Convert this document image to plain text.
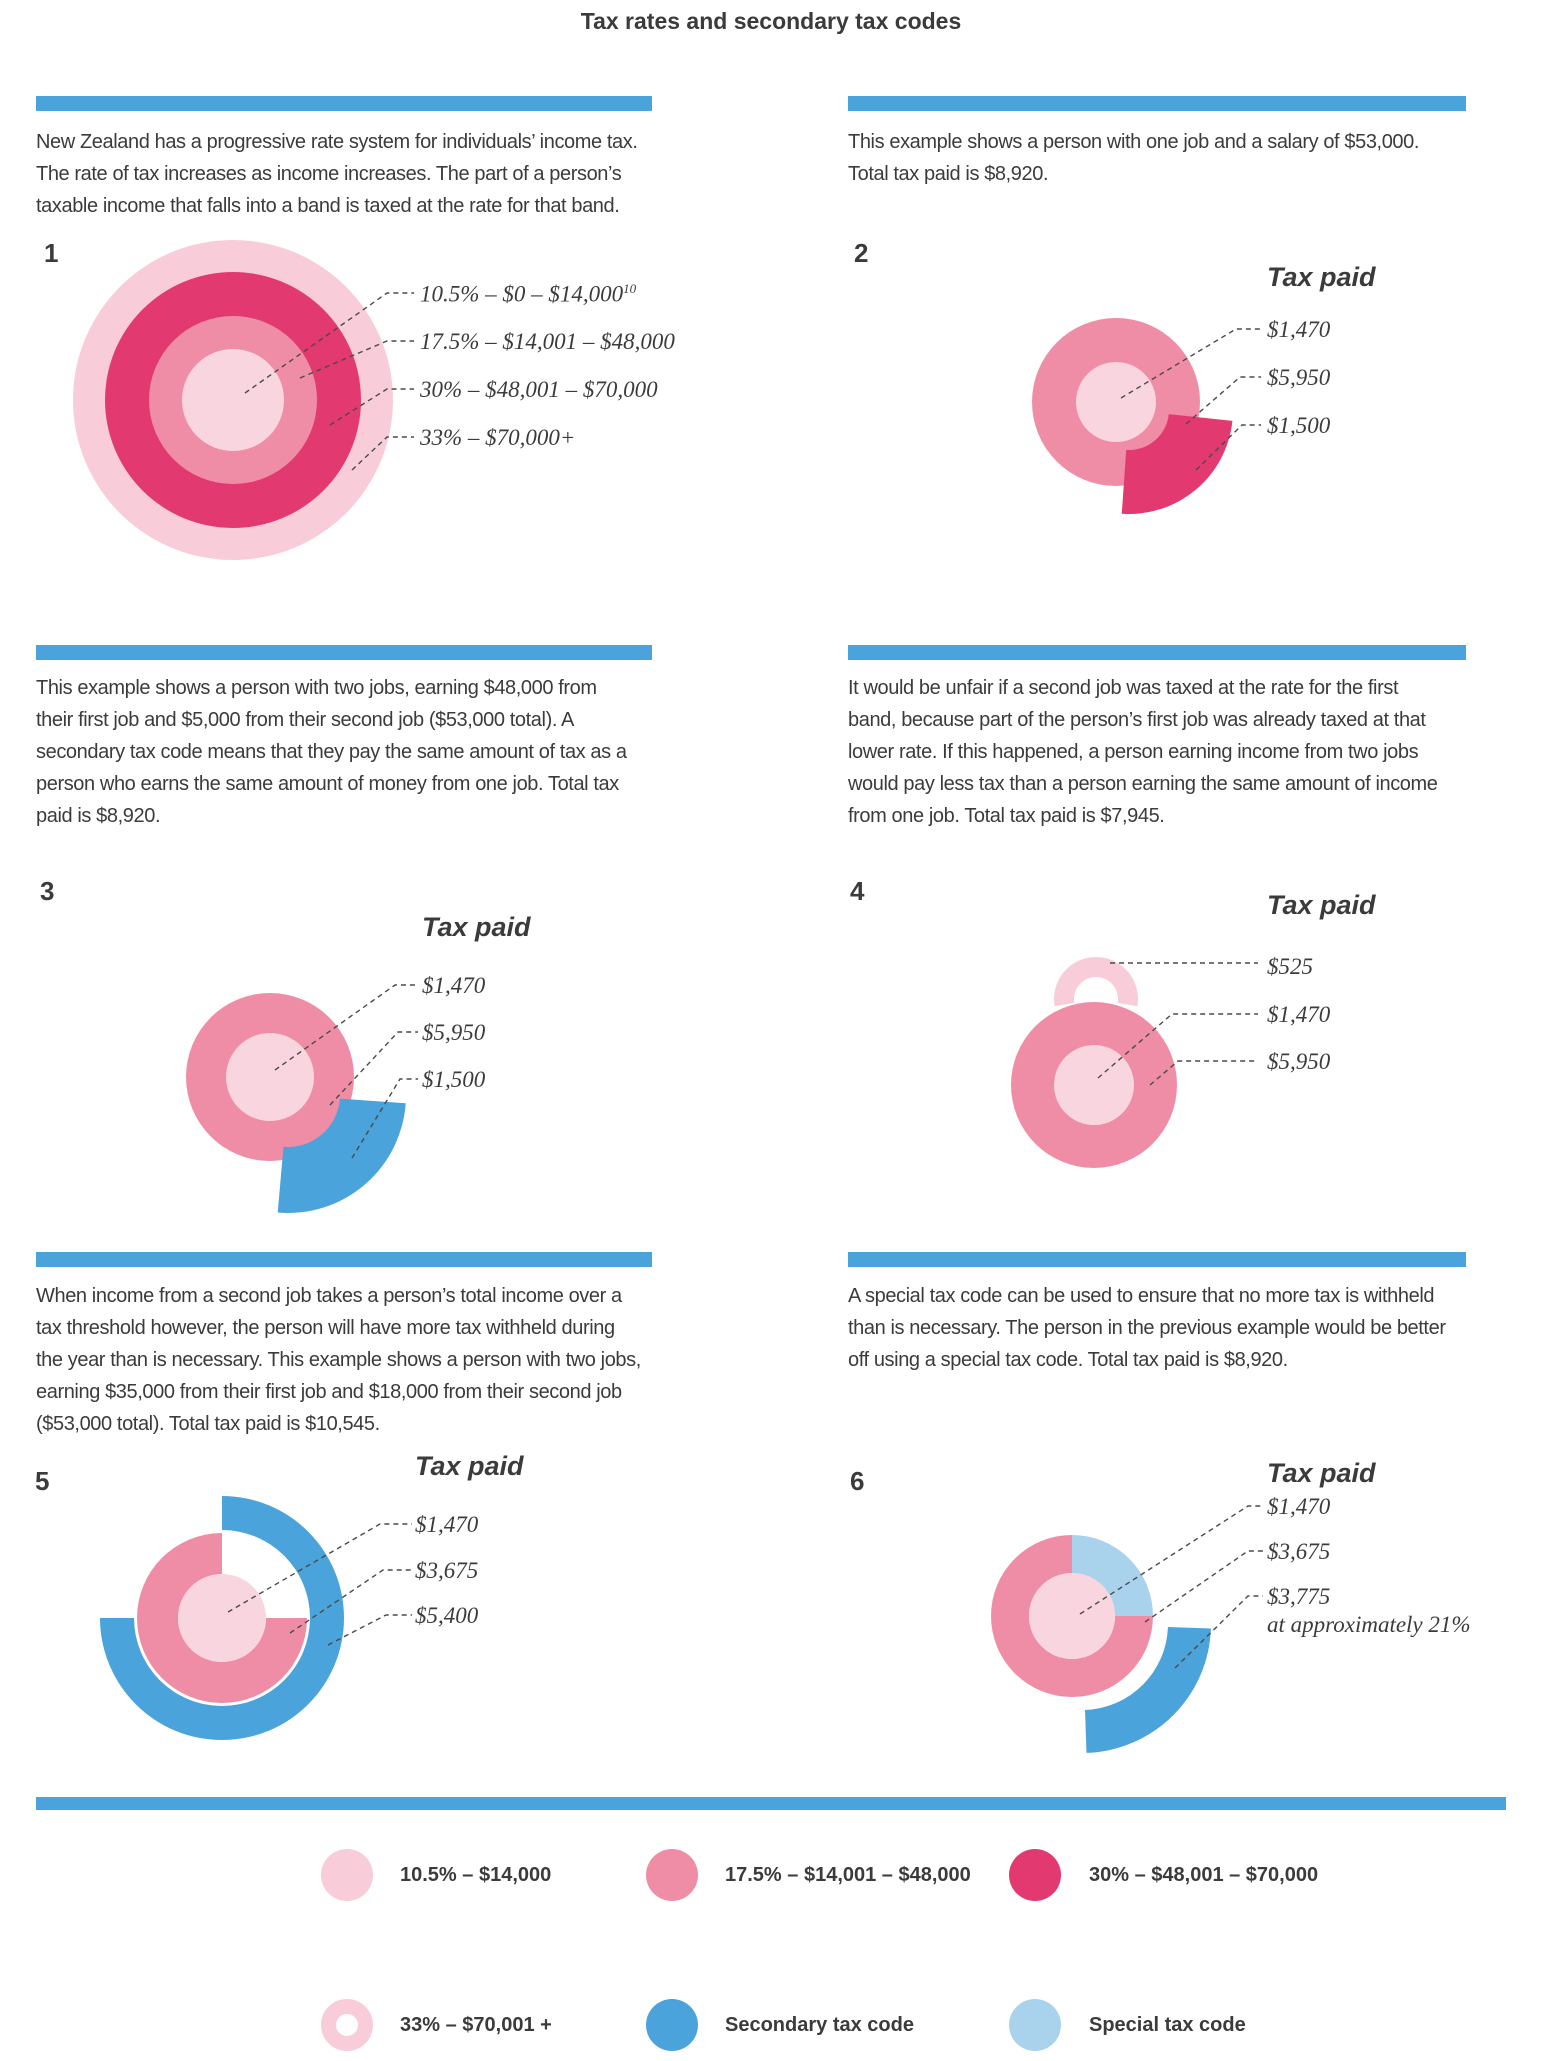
Tax rates and secondary tax codes
New Zealand has a progressive rate system for individuals’ income tax.
The rate of tax increases as income increases. The part of a person’s
taxable income that falls into a band is taxed at the rate for that band.
1
10.5% – $0 – $14,000$^{10}$
17.5% – $14,001 – $48,000
30% – $48,001 – $70,000
33% – $70,000+
This example shows a person with one job and a salary of $53,000.
Total tax paid is $8,920.
2
Tax paid
$1,470
$5,950
$1,500
This example shows a person with two jobs, earning $48,000 from
their first job and $5,000 from their second job ($53,000 total). A
secondary tax code means that they pay the same amount of tax as a
person who earns the same amount of money from one job. Total tax
paid is $8,920.
3
Tax paid
$1,470
$5,950
$1,500
It would be unfair if a second job was taxed at the rate for the first
band, because part of the person’s first job was already taxed at that
lower rate. If this happened, a person earning income from two jobs
would pay less tax than a person earning the same amount of income
from one job. Total tax paid is $7,945.
4	Tax paid
$525
$1,470
$5,950
When income from a second job takes a person’s total income over a
tax threshold however, the person will have more tax withheld during
the year than is necessary. This example shows a person with two jobs,
earning $35,000 from their first job and $18,000 from their second job
($53,000 total). Total tax paid is $10,545.
5	Tax paid
$1,470
$3,675
$5,400
A special tax code can be used to ensure that no more tax is withheld
than is necessary. The person in the previous example would be better
off using a special tax code. Total tax paid is $8,920.
6	Tax paid
$1,470
$3,675
$3,775
at approximately 21%
10.5% – $14,000	17.5% – $14,001 – $48,000	30% – $48,001 – $70,000
33% – $70,001 +	Secondary tax code	Special tax code
